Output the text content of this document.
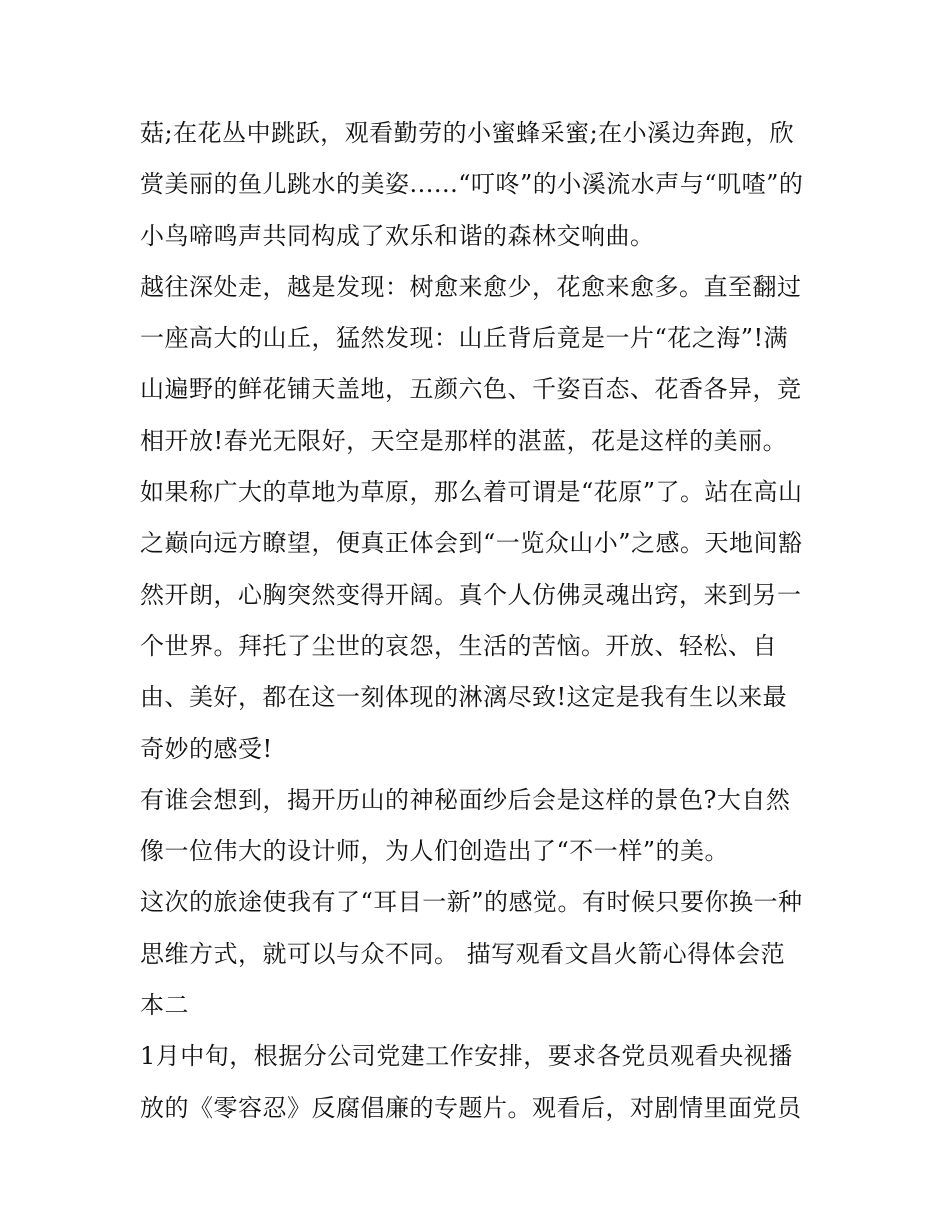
菇;在花丛中跳跃，观看勤劳的小蜜蜂采蜜;在小溪边奔跑，欣
赏美丽的鱼儿跳水的美姿......“叮咚”的小溪流水声与“叽喳”的
小鸟啼鸣声共同构成了欢乐和谐的森林交响曲。
越往深处走，越是发现：树愈来愈少，花愈来愈多。直至翻过
一座高大的山丘，猛然发现：山丘背后竟是一片“花之海”!满
山遍野的鲜花铺天盖地，五颜六色、千姿百态、花香各异，竞
相开放!春光无限好，天空是那样的湛蓝，花是这样的美丽。
如果称广大的草地为草原，那么着可谓是“花原”了。站在高山
之巅向远方瞭望，便真正体会到“一览众山小”之感。天地间豁
然开朗，心胸突然变得开阔。真个人仿佛灵魂出窍，来到另一
个世界。拜托了尘世的哀怨，生活的苦恼。开放、轻松、自
由、美好，都在这一刻体现的淋漓尽致!这定是我有生以来最
奇妙的感受!
有谁会想到，揭开历山的神秘面纱后会是这样的景色?大自然
像一位伟大的设计师，为人们创造出了“不一样”的美。
这次的旅途使我有了“耳目一新”的感觉。有时候只要你换一种
思维方式，就可以与众不同。 描写观看文昌火箭心得体会范
本二
1月中旬，根据分公司党建工作安排，要求各党员观看央视播
放的《零容忍》反腐倡廉的专题片。观看后，对剧情里面党员
